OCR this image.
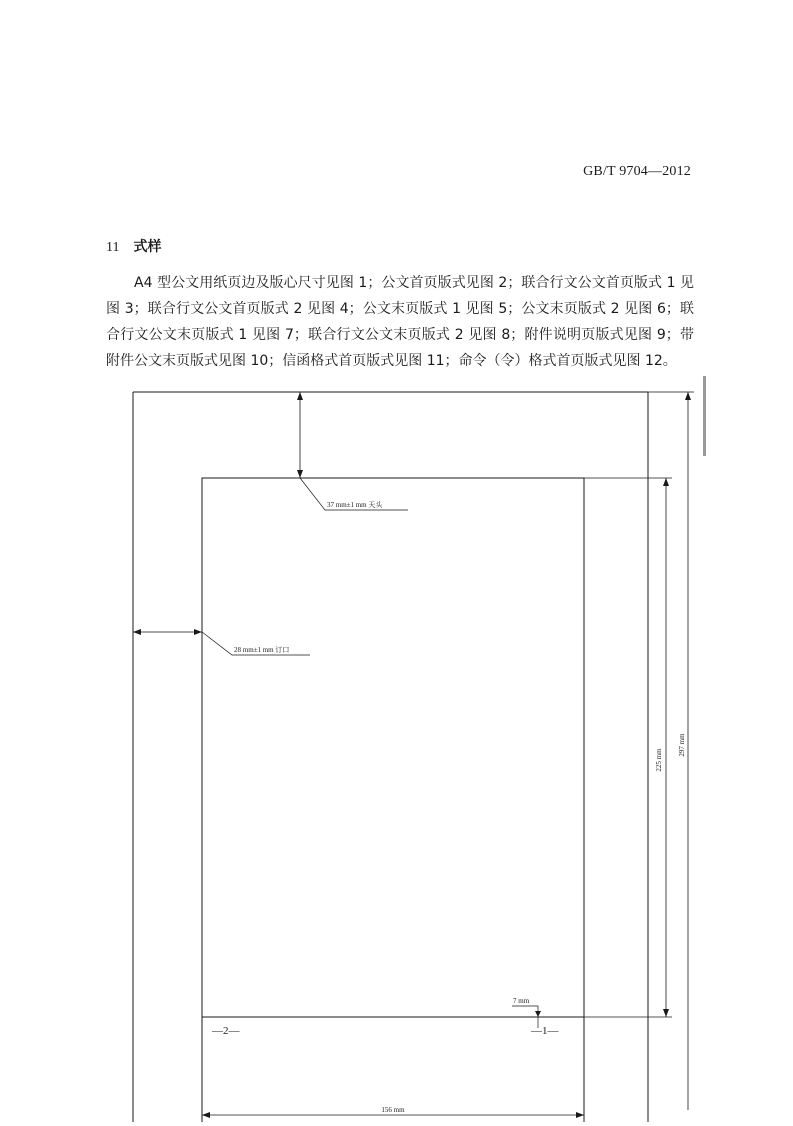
GB/T 9704—2012
11 式样
A4 型公文用纸页边及版心尺寸见图 1；公文首页版式见图 2；联合行文公文首页版式 1 见图 3；联合行文公文首页版式 2 见图 4；公文末页版式 1 见图 5；公文末页版式 2 见图 6；联合行文公文末页版式 1 见图 7；联合行文公文末页版式 2 见图 8；附件说明页版式见图 9；带附件公文末页版式见图 10；信函格式首页版式见图 11；命令（令）格式首页版式见图 12。
37 mm±1 mm 天头
28 mm±1 mm 订口
225 mm
297 mm
7 mm
—2—	—1—
156 mm
